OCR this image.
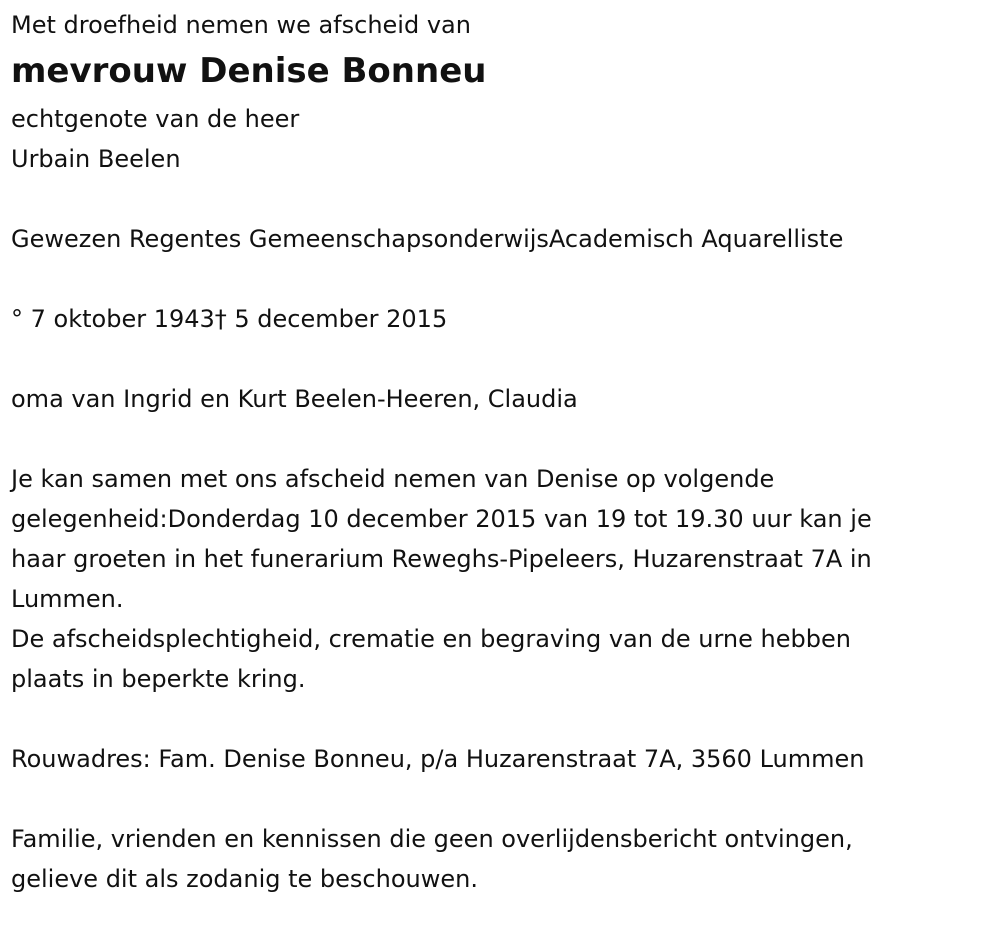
Met droefheid nemen we afscheid van
mevrouw Denise Bonneu
echtgenote van de heer
Urbain Beelen
Gewezen Regentes GemeenschapsonderwijsAcademisch Aquarelliste
° 7 oktober 1943† 5 december 2015
oma van Ingrid en Kurt Beelen-Heeren, Claudia
Je kan samen met ons afscheid nemen van Denise op volgende
gelegenheid:Donderdag 10 december 2015 van 19 tot 19.30 uur kan je
haar groeten in het funerarium Reweghs-Pipeleers, Huzarenstraat 7A in
Lummen.
De afscheidsplechtigheid, crematie en begraving van de urne hebben
plaats in beperkte kring.
Rouwadres: Fam. Denise Bonneu, p/a Huzarenstraat 7A, 3560 Lummen
Familie, vrienden en kennissen die geen overlijdensbericht ontvingen,
gelieve dit als zodanig te beschouwen.
